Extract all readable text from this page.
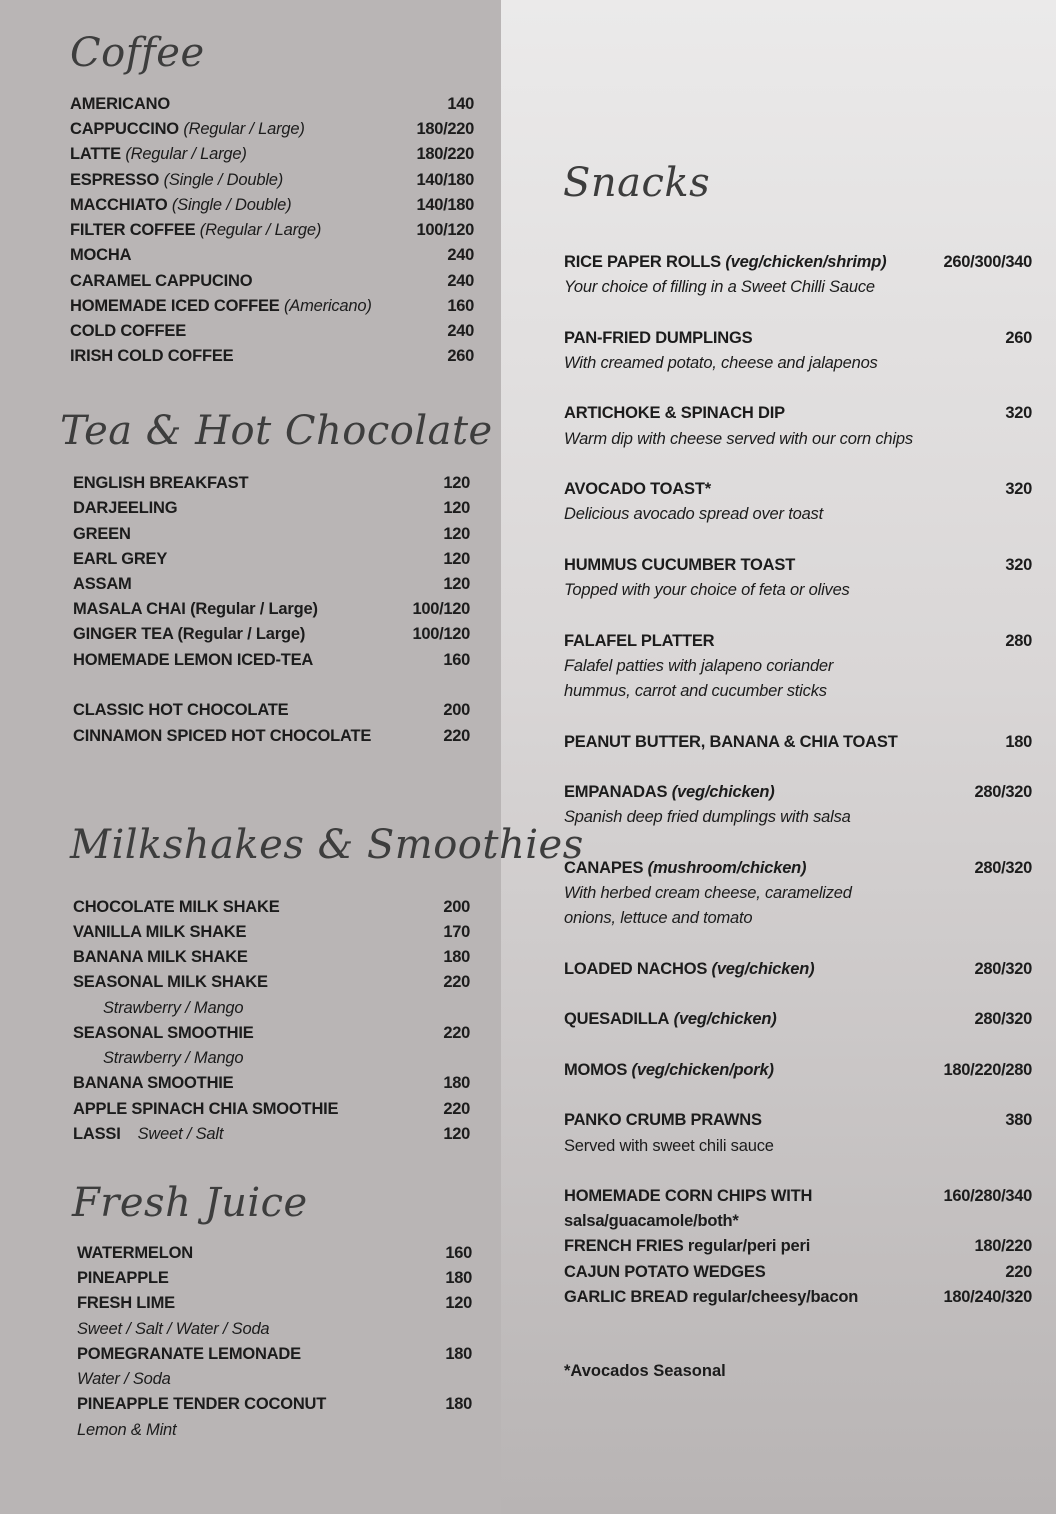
Coffee
AMERICANO	140
CAPPUCCINO (Regular / Large)	180/220
LATTE (Regular / Large)	180/220
ESPRESSO (Single / Double)	140/180
MACCHIATO (Single / Double)	140/180
FILTER COFFEE (Regular / Large)	100/120
MOCHA	240
CARAMEL CAPPUCINO	240
HOMEMADE ICED COFFEE (Americano)	160
COLD COFFEE	240
IRISH COLD COFFEE	260
Tea & Hot Chocolate
ENGLISH BREAKFAST	120
DARJEELING	120
GREEN	120
EARL GREY	120
ASSAM	120
MASALA CHAI (Regular / Large)	100/120
GINGER TEA (Regular / Large)	100/120
HOMEMADE LEMON ICED-TEA	160
CLASSIC HOT CHOCOLATE	200
CINNAMON SPICED HOT CHOCOLATE	220
Milkshakes & Smoothies
CHOCOLATE MILK SHAKE	200
VANILLA MILK SHAKE	170
BANANA MILK SHAKE	180
SEASONAL MILK SHAKE	220
Strawberry / Mango
SEASONAL SMOOTHIE	220
Strawberry / Mango
BANANA SMOOTHIE	180
APPLE SPINACH CHIA SMOOTHIE	220
LASSI Sweet / Salt	120
Fresh Juice
WATERMELON	160
PINEAPPLE	180
FRESH LIME	120
Sweet / Salt / Water / Soda
POMEGRANATE LEMONADE	180
Water / Soda
PINEAPPLE TENDER COCONUT	180
Lemon & Mint
Snacks
RICE PAPER ROLLS (veg/chicken/shrimp)	260/300/340
Your choice of filling in a Sweet Chilli Sauce
PAN-FRIED DUMPLINGS	260
With creamed potato, cheese and jalapenos
ARTICHOKE & SPINACH DIP	320
Warm dip with cheese served with our corn chips
AVOCADO TOAST*	320
Delicious avocado spread over toast
HUMMUS CUCUMBER TOAST	320
Topped with your choice of feta or olives
FALAFEL PLATTER	280
Falafel patties with jalapeno coriander
hummus, carrot and cucumber sticks
PEANUT BUTTER, BANANA & CHIA TOAST	180
EMPANADAS (veg/chicken)	280/320
Spanish deep fried dumplings with salsa
CANAPES (mushroom/chicken)	280/320
With herbed cream cheese, caramelized
onions, lettuce and tomato
LOADED NACHOS (veg/chicken)	280/320
QUESADILLA (veg/chicken)	280/320
MOMOS (veg/chicken/pork)	180/220/280
PANKO CRUMB PRAWNS	380
Served with sweet chili sauce
HOMEMADE CORN CHIPS WITH	160/280/340
salsa/guacamole/both*
FRENCH FRIES regular/peri peri	180/220
CAJUN POTATO WEDGES	220
GARLIC BREAD regular/cheesy/bacon	180/240/320
*Avocados Seasonal
